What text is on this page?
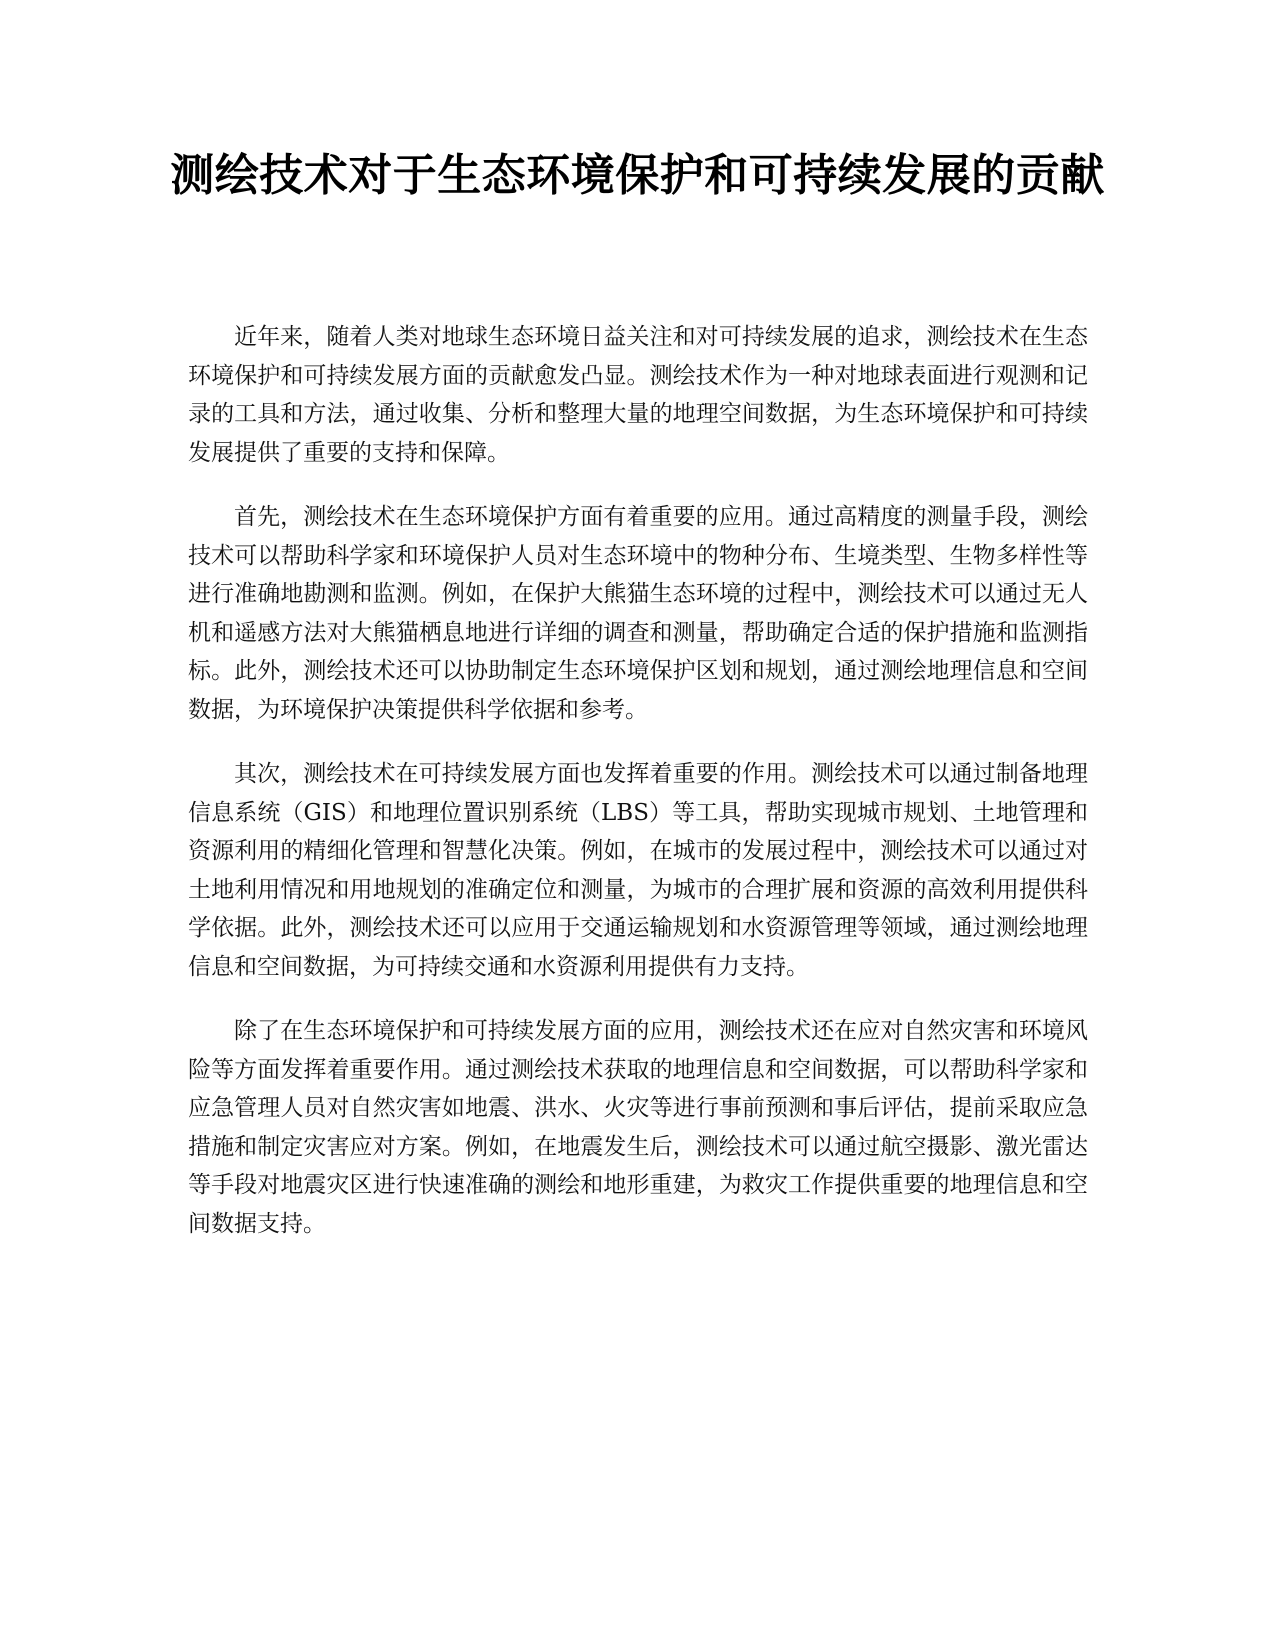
测绘技术对于生态环境保护和可持续发展的贡献

近年来，随着人类对地球生态环境日益关注和对可持续发展的追求，测绘技术在生态环境保护和可持续发展方面的贡献愈发凸显。测绘技术作为一种对地球表面进行观测和记录的工具和方法，通过收集、分析和整理大量的地理空间数据，为生态环境保护和可持续发展提供了重要的支持和保障。

首先，测绘技术在生态环境保护方面有着重要的应用。通过高精度的测量手段，测绘技术可以帮助科学家和环境保护人员对生态环境中的物种分布、生境类型、生物多样性等进行准确地勘测和监测。例如，在保护大熊猫生态环境的过程中，测绘技术可以通过无人机和遥感方法对大熊猫栖息地进行详细的调查和测量，帮助确定合适的保护措施和监测指标。此外，测绘技术还可以协助制定生态环境保护区划和规划，通过测绘地理信息和空间数据，为环境保护决策提供科学依据和参考。

其次，测绘技术在可持续发展方面也发挥着重要的作用。测绘技术可以通过制备地理信息系统（GIS）和地理位置识别系统（LBS）等工具，帮助实现城市规划、土地管理和资源利用的精细化管理和智慧化决策。例如，在城市的发展过程中，测绘技术可以通过对土地利用情况和用地规划的准确定位和测量，为城市的合理扩展和资源的高效利用提供科学依据。此外，测绘技术还可以应用于交通运输规划和水资源管理等领域，通过测绘地理信息和空间数据，为可持续交通和水资源利用提供有力支持。

除了在生态环境保护和可持续发展方面的应用，测绘技术还在应对自然灾害和环境风险等方面发挥着重要作用。通过测绘技术获取的地理信息和空间数据，可以帮助科学家和应急管理人员对自然灾害如地震、洪水、火灾等进行事前预测和事后评估，提前采取应急措施和制定灾害应对方案。例如，在地震发生后，测绘技术可以通过航空摄影、激光雷达等手段对地震灾区进行快速准确的测绘和地形重建，为救灾工作提供重要的地理信息和空间数据支持。
